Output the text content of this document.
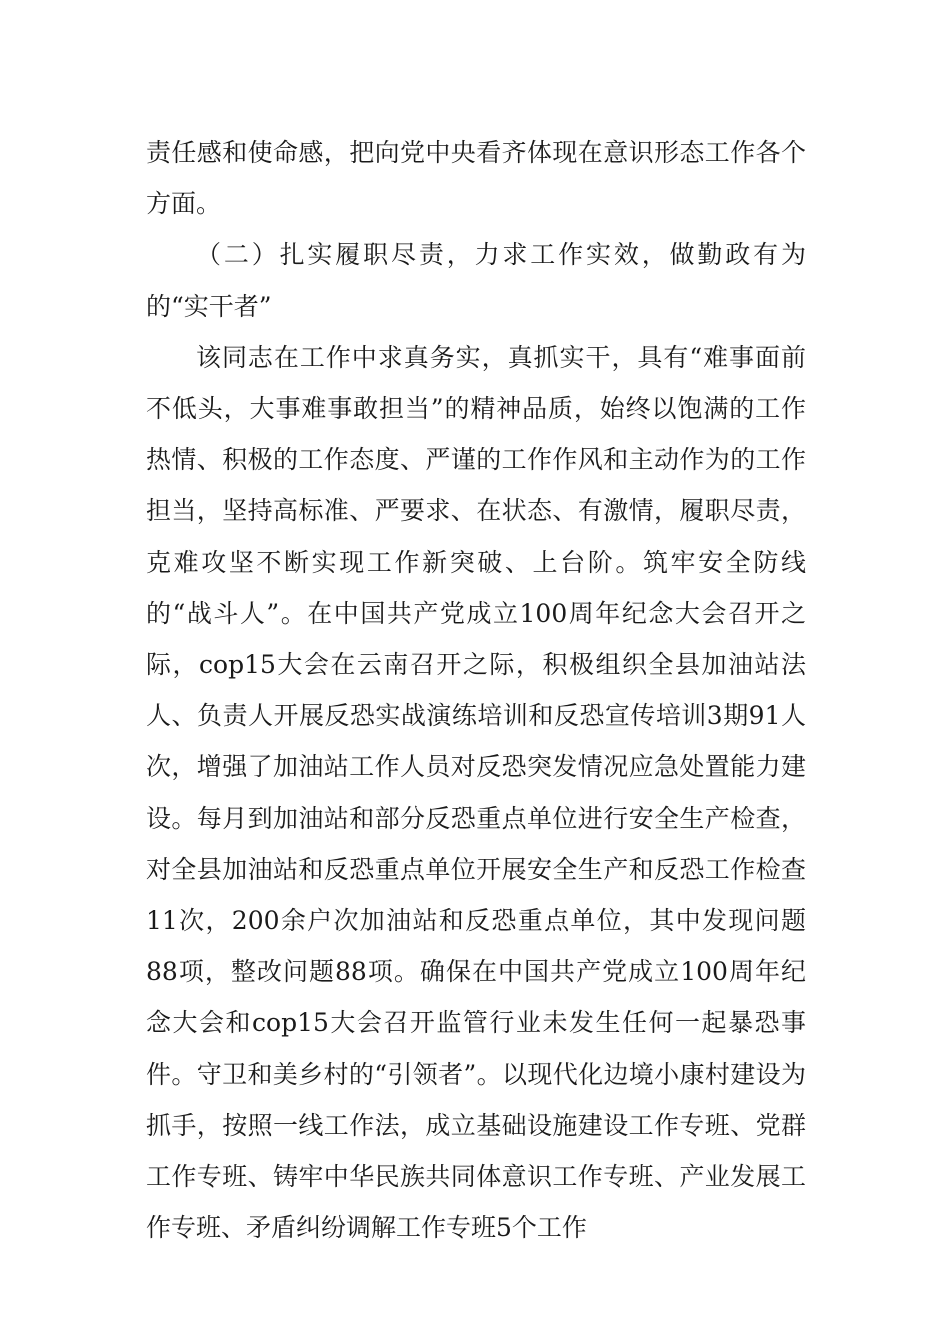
责任感和使命感，把向党中央看齐体现在意识形态工作各个方面。

（二）扎实履职尽责，力求工作实效，做勤政有为的“实干者”

该同志在工作中求真务实，真抓实干，具有“难事面前不低头，大事难事敢担当”的精神品质，始终以饱满的工作热情、积极的工作态度、严谨的工作作风和主动作为的工作担当，坚持高标准、严要求、在状态、有激情，履职尽责，克难攻坚不断实现工作新突破、上台阶。筑牢安全防线的“战斗人”。在中国共产党成立100周年纪念大会召开之际，cop15大会在云南召开之际，积极组织全县加油站法人、负责人开展反恐实战演练培训和反恐宣传培训3期91人次，增强了加油站工作人员对反恐突发情况应急处置能力建设。每月到加油站和部分反恐重点单位进行安全生产检查，对全县加油站和反恐重点单位开展安全生产和反恐工作检查11次，200余户次加油站和反恐重点单位，其中发现问题88项，整改问题88项。确保在中国共产党成立100周年纪念大会和cop15大会召开监管行业未发生任何一起暴恐事件。守卫和美乡村的“引领者”。以现代化边境小康村建设为抓手，按照一线工作法，成立基础设施建设工作专班、党群工作专班、铸牢中华民族共同体意识工作专班、产业发展工作专班、矛盾纠纷调解工作专班5个工作
